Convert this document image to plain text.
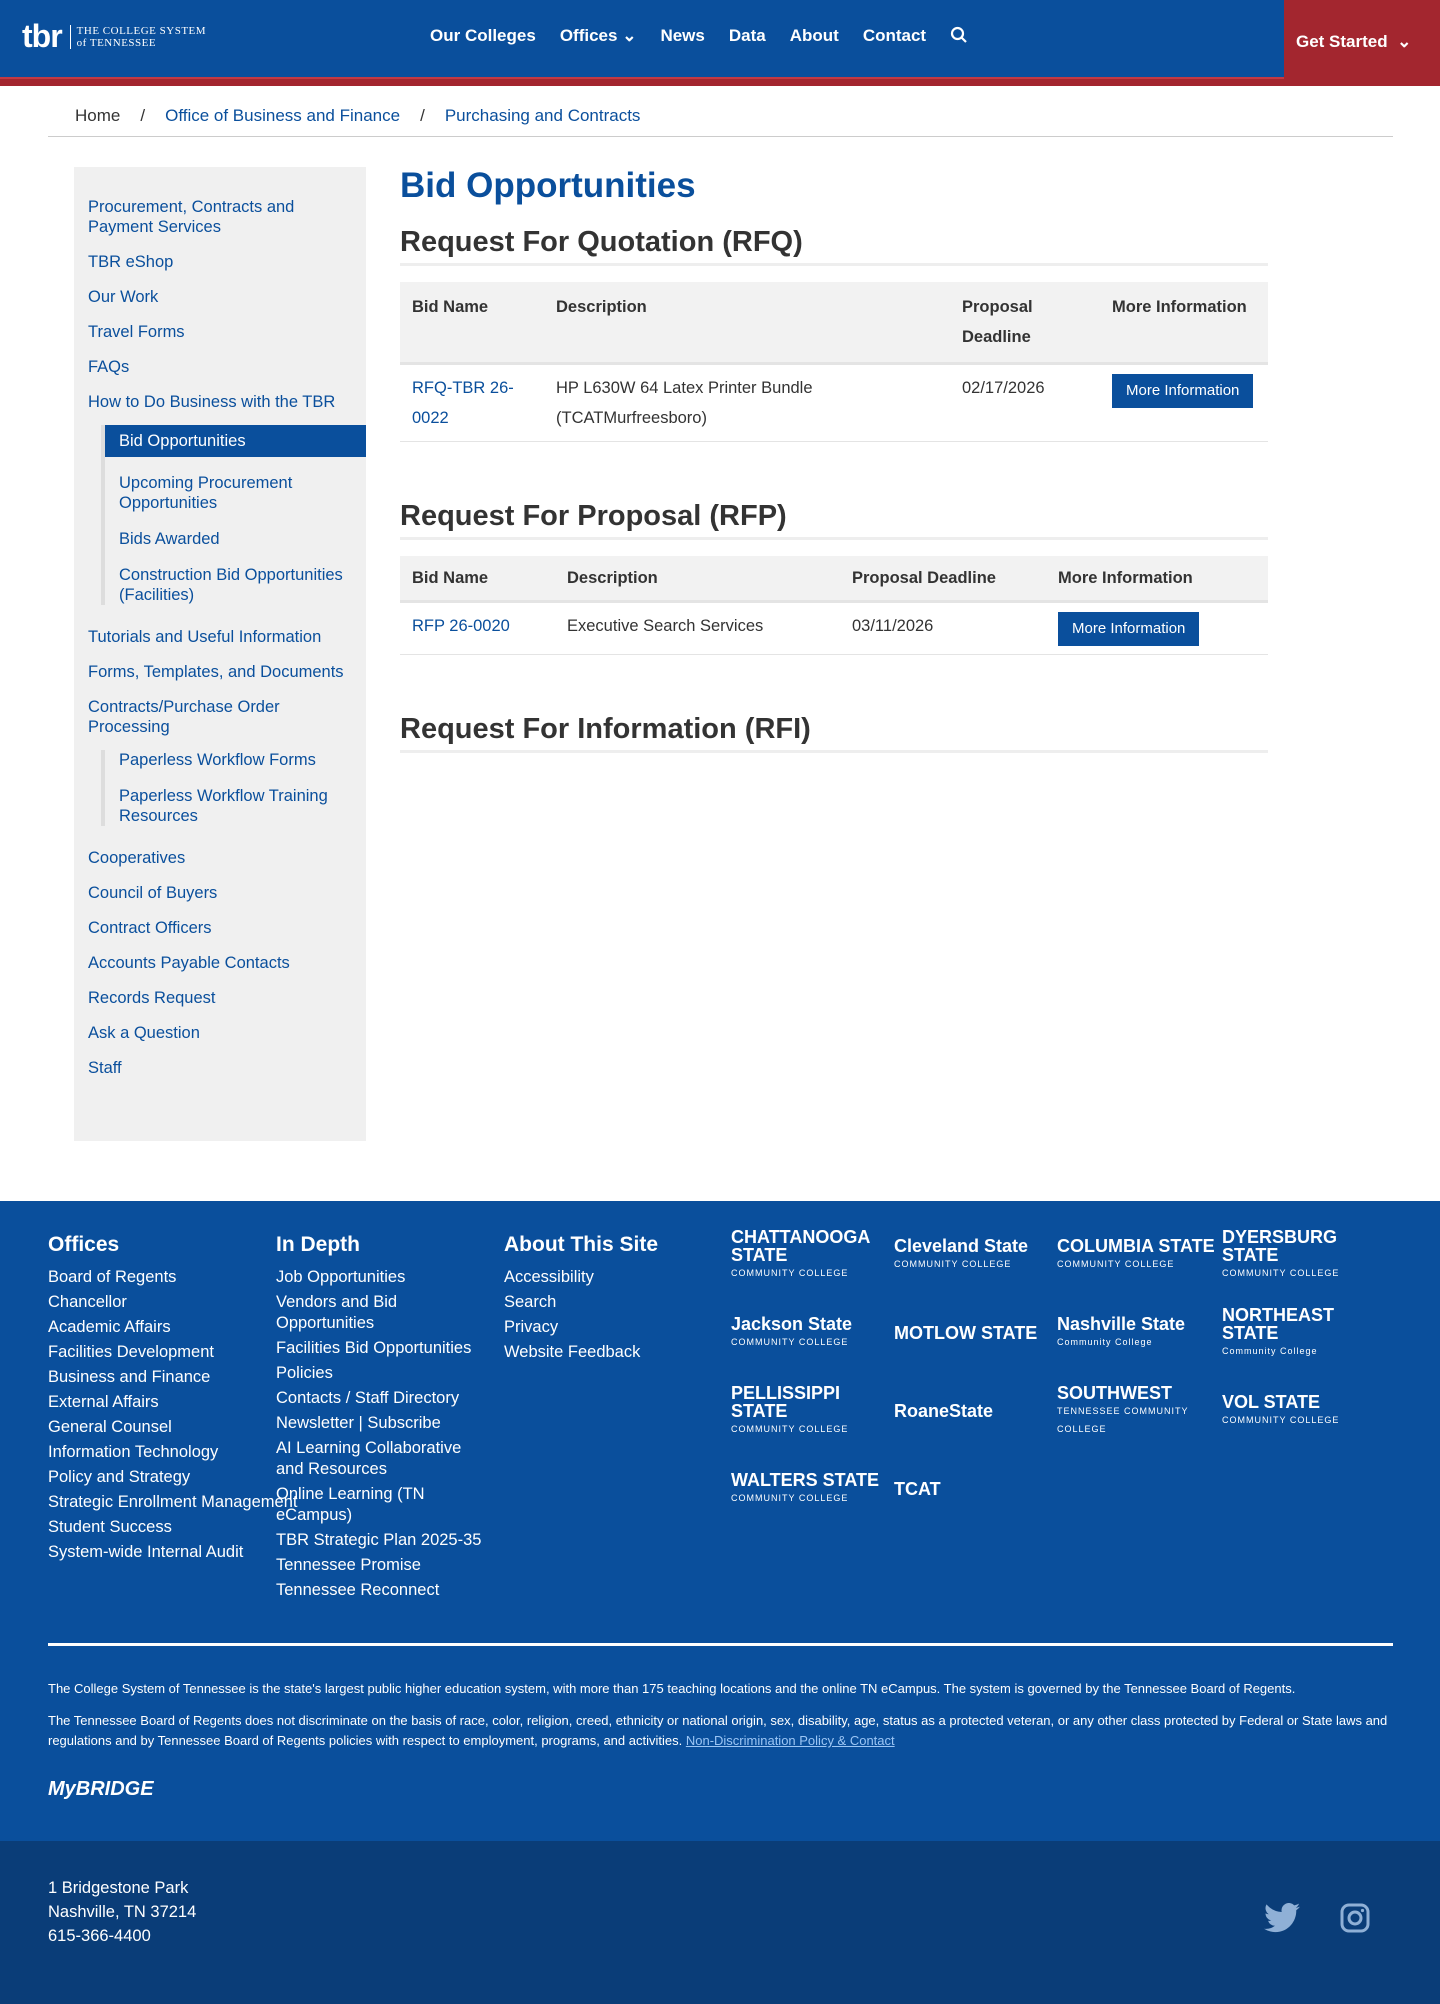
tbr	THE COLLEGE SYSTEM
of TENNESSEE	Our Colleges Offices ⌄ News Data About Contact	Get Started ⌄
Home / Office of Business and Finance / Purchasing and Contracts
Procurement, Contracts and Payment Services
TBR eShop
Our Work
Travel Forms
FAQs
How to Do Business with the TBR
Bid Opportunities
Upcoming Procurement Opportunities
Bids Awarded
Construction Bid Opportunities (Facilities)
Tutorials and Useful Information
Forms, Templates, and Documents
Contracts/Purchase Order Processing
Paperless Workflow Forms
Paperless Workflow Training Resources
Cooperatives
Council of Buyers
Contract Officers
Accounts Payable Contacts
Records Request
Ask a Question
Staff
Bid Opportunities
Request For Quotation (RFQ)
Bid Name	Description	Proposal Deadline	More Information
RFQ-TBR 26-0022	HP L630W 64 Latex Printer Bundle (TCATMurfreesboro)	02/17/2026	More Information
Request For Proposal (RFP)
Bid Name	Description	Proposal Deadline	More Information
RFP 26-0020	Executive Search Services	03/11/2026	More Information
Request For Information (RFI)
Offices
Board of Regents
Chancellor
Academic Affairs
Facilities Development
Business and Finance
External Affairs
General Counsel
Information Technology
Policy and Strategy
Strategic Enrollment Management
Student Success
System-wide Internal Audit
In Depth
Job Opportunities
Vendors and Bid Opportunities
Facilities Bid Opportunities
Policies
Contacts / Staff Directory
Newsletter | Subscribe
AI Learning Collaborative and Resources
Online Learning (TN eCampus)
TBR Strategic Plan 2025-35
Tennessee Promise
Tennessee Reconnect
About This Site
Accessibility
Search
Privacy
Website Feedback
CHATTANOOGA STATE
COMMUNITY COLLEGE
Cleveland State
COMMUNITY COLLEGE
COLUMBIA STATE
COMMUNITY COLLEGE
DYERSBURG STATE
COMMUNITY COLLEGE
Jackson State
COMMUNITY COLLEGE	MOTLOW STATE	Nashville State
Community College
NORTHEAST STATE
Community College
PELLISSIPPI STATE
COMMUNITY COLLEGE
RoaneState
SOUTHWEST
TENNESSEE COMMUNITY COLLEGE
VOL STATE
COMMUNITY COLLEGE
WALTERS STATE
COMMUNITY COLLEGE	TCAT

The College System of Tennessee is the state's largest public higher education system, with more than 175 teaching locations and the online TN eCampus. The system is governed by the Tennessee Board of Regents.

The Tennessee Board of Regents does not discriminate on the basis of race, color, religion, creed, ethnicity or national origin, sex, disability, age, status as a protected veteran, or any other class protected by Federal or State laws and regulations and by Tennessee Board of Regents policies with respect to employment, programs, and activities. Non-Discrimination Policy & Contact

MyBRIDGE
1 Bridgestone Park
Nashville, TN 37214
615-366-4400
